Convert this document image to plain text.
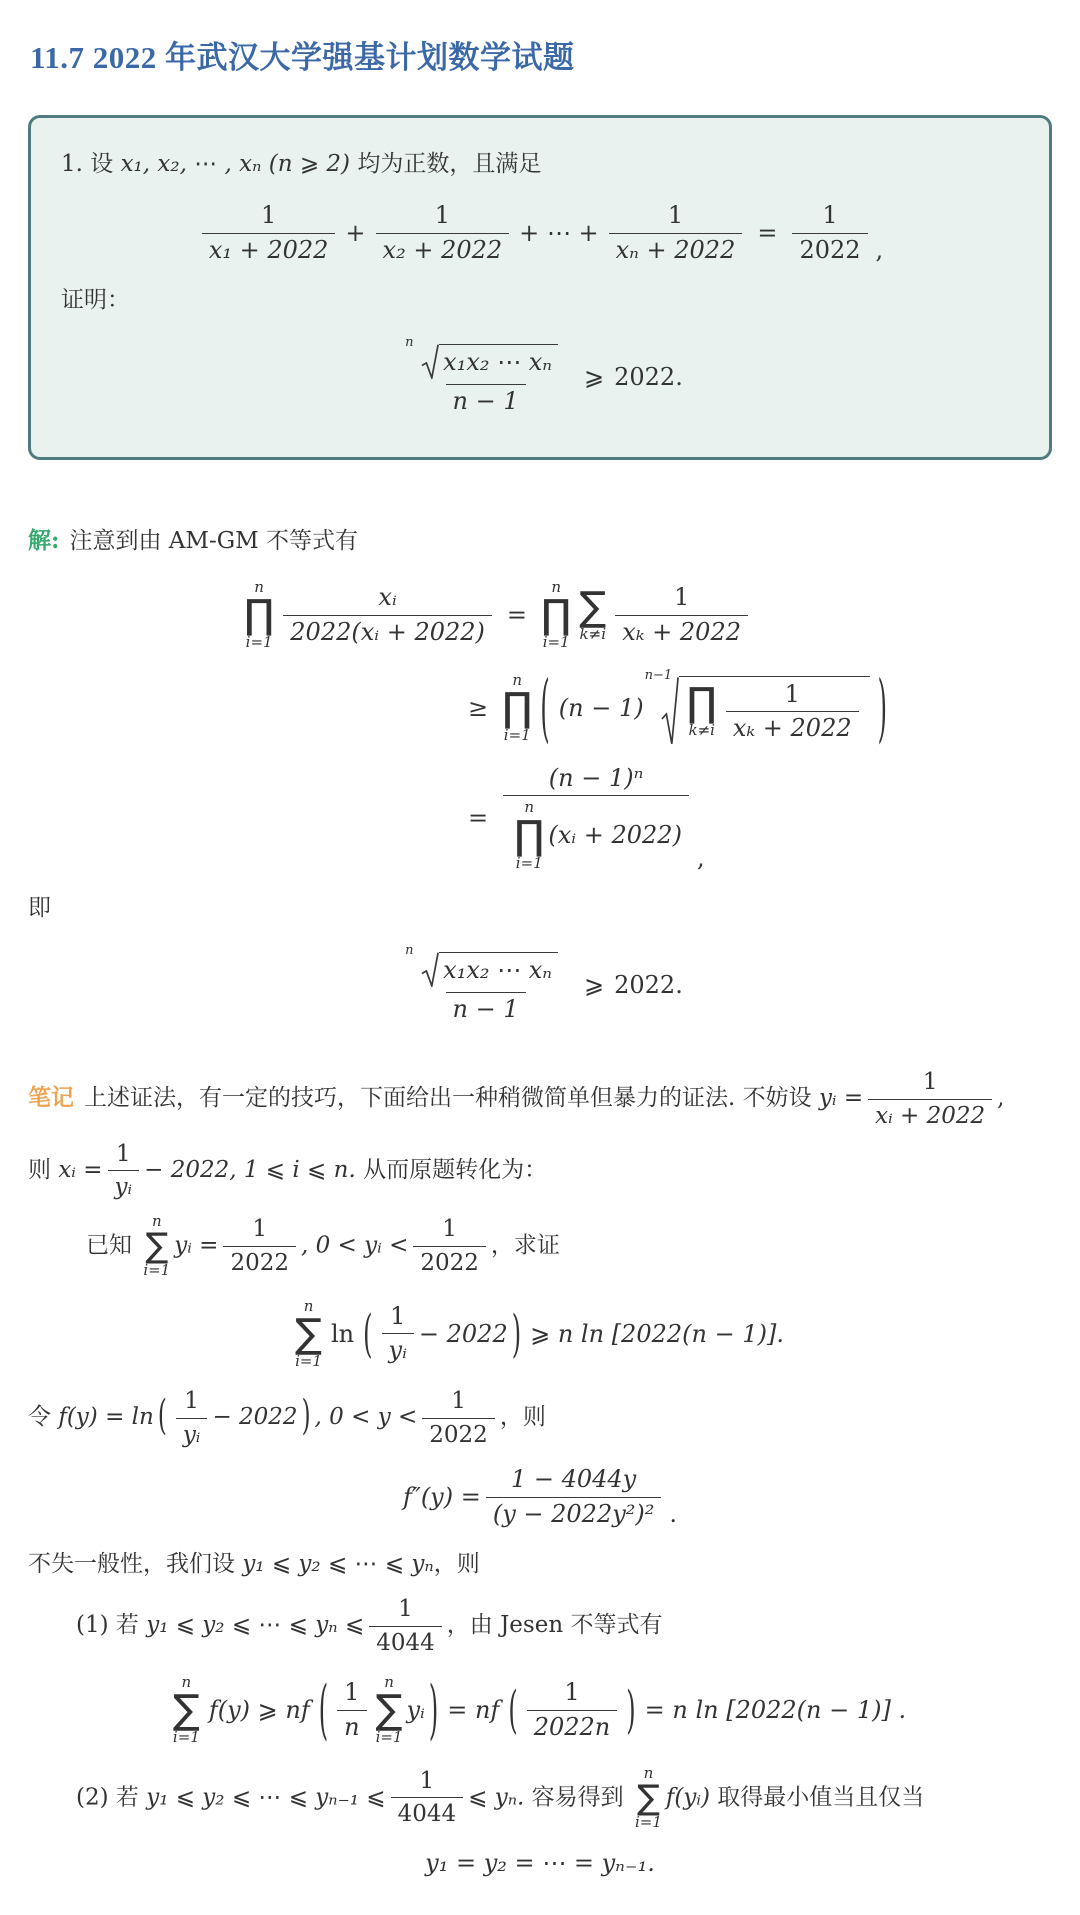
11.7 2022 年武汉大学强基计划数学试题

1. 设 x₁, x₂, ⋯ , xₙ (n ⩾ 2) 均为正数，且满足

$\frac{1}{\text{x₁ + 2022}} + \frac{1}{\text{x₂ + 2022}}$ + ⋯ + $\frac{1}{\text{xₙ + 2022}} = \frac{1}{2022}$ ,

证明：

n
x₁x₂ ⋯ xₙ
n − 1 ⩾ 2022.

解: 注意到由 AM-GM 不等式有

n
∏
$i=1 \frac{\text{xᵢ}}{\text{2022(xᵢ + 2022)}}$ =
n
∏
i=1
∑
$k\ne i \frac{1}{\text{xₖ + 2022}}$
≥
n
∏
i=1 ( (n − 1)
n−1
∏
$k\ne i \frac{1}{\text{xₖ + 2022}}$ )
= (n − 1)ⁿ
n
∏
i=1
(xᵢ + 2022) ,

即

n
x₁x₂ ⋯ xₙ
n − 1 ⩾ 2022.

笔记 上述证法，有一定的技巧，下面给出一种稍微简单但暴力的证法. 不妨设 yᵢ = $\frac{1}{\text{xᵢ + 2022}}$ ,

则 xᵢ = $\frac{1}{\text{yᵢ}} - 2022$, 1 ⩽ i ⩽ n. 从而原题转化为：

已知
n
∑
i=1
yᵢ = $\frac{1}{2022}$ , 0 < yᵢ < $\frac{1}{2022}$ ，求证

n
∑
i=1
ln ( $\frac{1}{\text{yᵢ}} - 2022$ ) ⩾ n ln [2022(n − 1)].

令 f(y) = ln ( $\frac{1}{\text{yᵢ}} - 2022$ ) , $0 < y < \frac{1}{2022}$ ，则

$f''(y) = \frac{1 - 4044y}{\text{(y − 2022y²)²}}$ .

不失一般性，我们设 y₁ ⩽ y₂ ⩽ ⋯ ⩽ yₙ，则

(1) 若 y₁ ⩽ y₂ ⩽ ⋯ ⩽ yₙ ⩽ $\frac{1}{4044}$ ，由 Jesen 不等式有

n
∑
i=1
f(y) ⩾ nf ( $\frac{1}{n}$ n
∑
i=1
yᵢ ) = nf ( $\frac{1}{2022n}$ ) = n ln [2022(n − 1)] .

(2) 若 y₁ ⩽ y₂ ⩽ ⋯ ⩽ yₙ₋₁ ⩽ $\frac{1}{4044}$ ⩽ yₙ. 容易得到
n
∑
i=1
f(yᵢ) 取得最小值当且仅当

y₁ = y₂ = ⋯ = yₙ₋₁.
